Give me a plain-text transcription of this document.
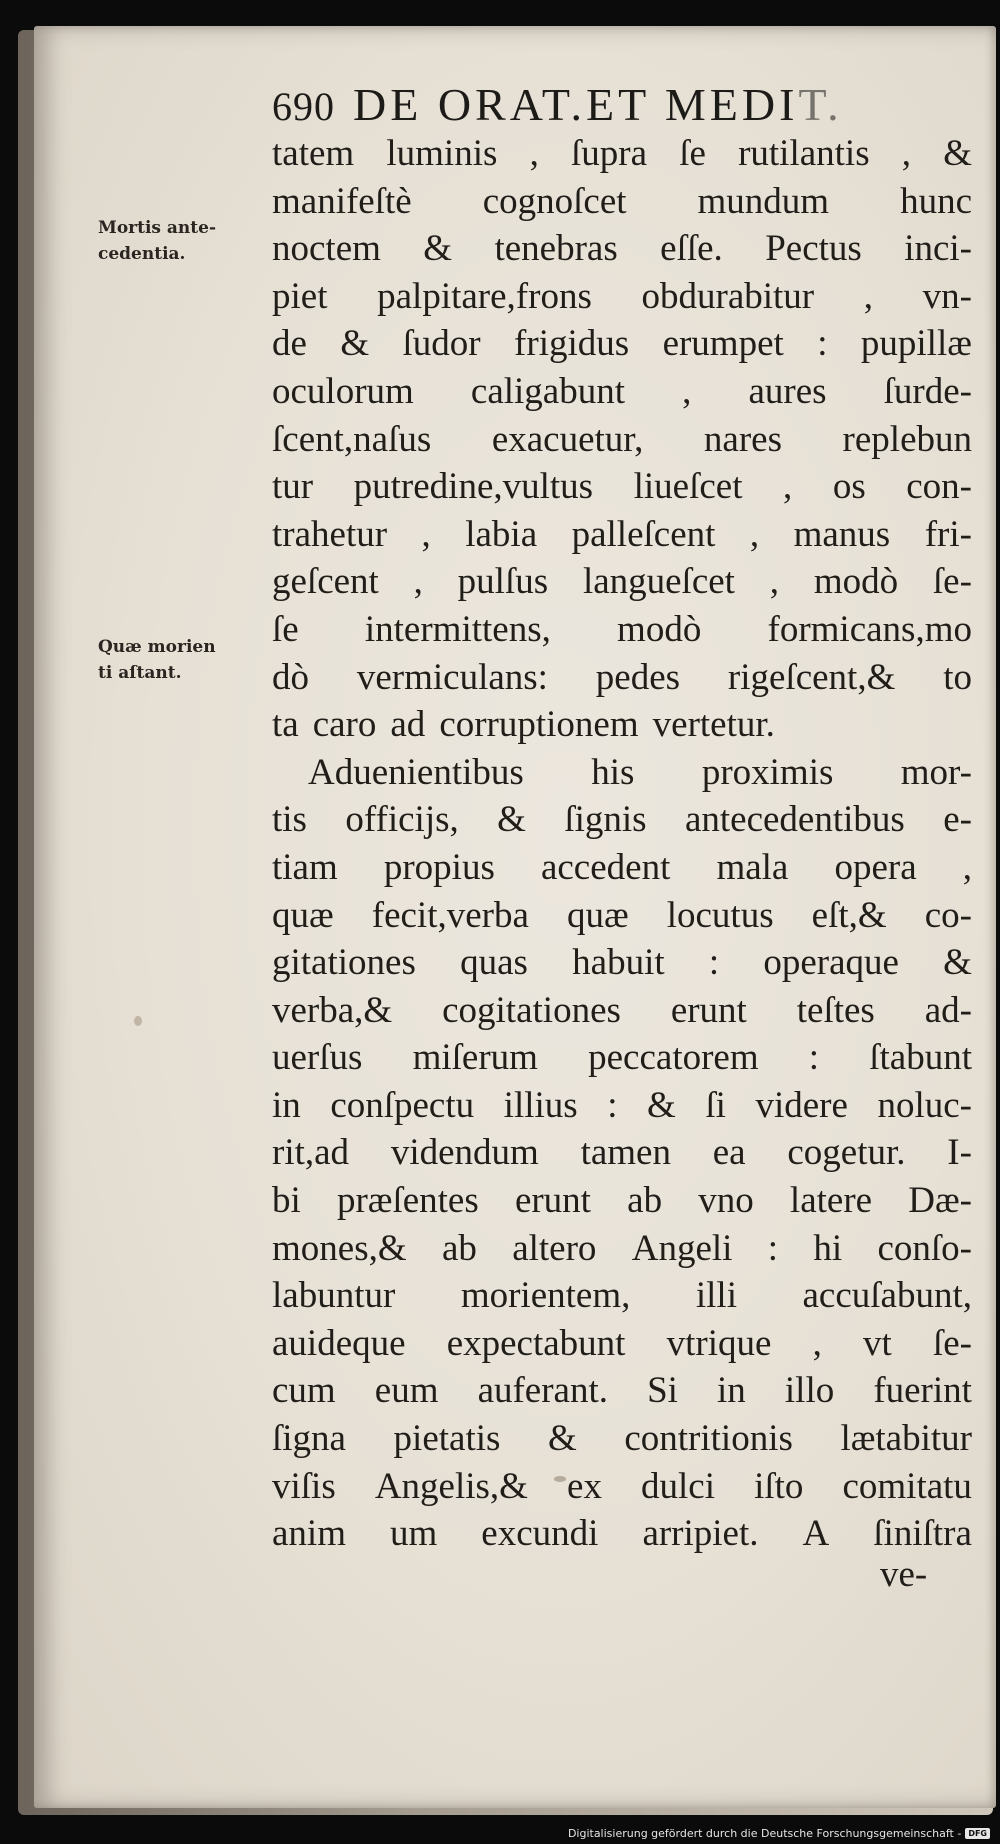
690 DE ORAT.ET MEDIT.
Mortis ante-
cedentia.
Quæ morien
ti aſtant.
tatem luminis , ſupra ſe rutilantis , &
manifeſtè cognoſcet mundum hunc
noctem & tenebras eſſe. Pectus inci-
piet palpitare,frons obdurabitur , vn-
de & ſudor frigidus erumpet : pupillæ
oculorum caligabunt , aures ſurde-
ſcent,naſus exacuetur, nares replebun
tur putredine,vultus liueſcet , os con-
trahetur , labia palleſcent , manus fri-
geſcent , pulſus langueſcet , modò ſe-
ſe intermittens, modò formicans,mo
dò vermiculans: pedes rigeſcent,& to
ta caro ad corruptionem vertetur.
Aduenientibus his proximis mor-
tis officijs, & ſignis antecedentibus e-
tiam propius accedent mala opera ,
quæ fecit,verba quæ locutus eſt,& co-
gitationes quas habuit : operaque &
verba,& cogitationes erunt teſtes ad-
uerſus miſerum peccatorem : ſtabunt
in conſpectu illius : & ſi videre noluc-
rit,ad videndum tamen ea cogetur. I-
bi præſentes erunt ab vno latere Dæ-
mones,& ab altero Angeli : hi conſo-
labuntur morientem, illi accuſabunt,
auideque expectabunt vtrique , vt ſe-
cum eum auferant. Si in illo fuerint
ſigna pietatis & contritionis lætabitur
viſis Angelis,& ex dulci iſto comitatu
anim um excundi arripiet. A ſiniſtra
ve-
Digitalisierung gefördert durch die Deutsche Forschungsgemeinschaft - DFG
